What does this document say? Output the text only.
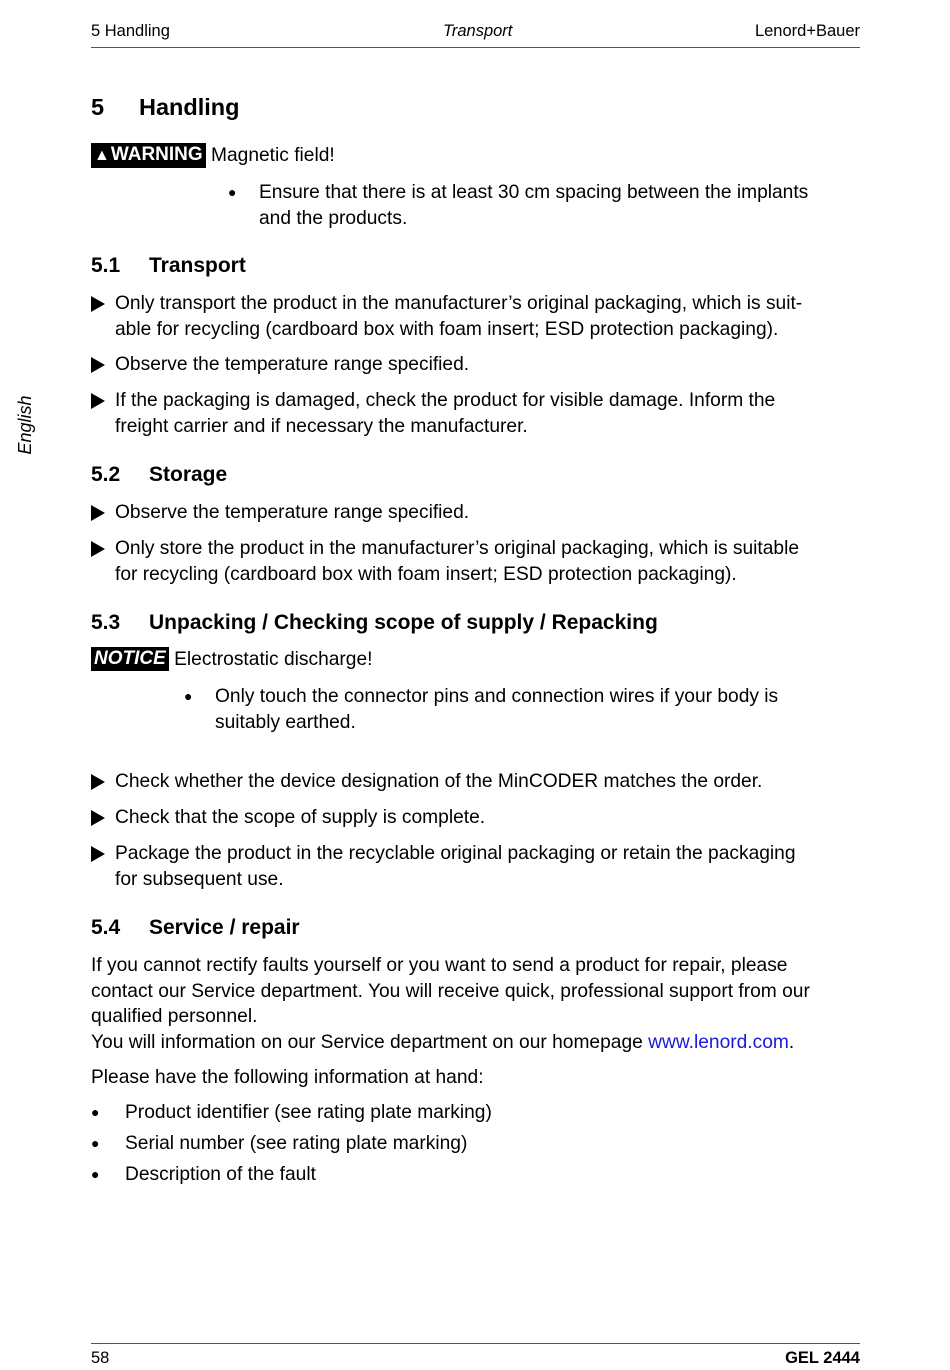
5 Handling	Transport	Lenord+Bauer
English
5 Handling
▲WARNING Magnetic field!
● Ensure that there is at least 30 cm spacing between the implants
and the products.
5.1 Transport
Only transport the product in the manufacturer’s original packaging, which is suit-
able for recycling (cardboard box with foam insert; ESD protection packaging).
Observe the temperature range specified.
If the packaging is damaged, check the product for visible damage. Inform the
freight carrier and if necessary the manufacturer.
5.2 Storage
Observe the temperature range specified.
Only store the product in the manufacturer’s original packaging, which is suitable
for recycling (cardboard box with foam insert; ESD protection packaging).
5.3 Unpacking / Checking scope of supply / Repacking
NOTICE Electrostatic discharge!
● Only touch the connector pins and connection wires if your body is
suitably earthed.
Check whether the device designation of the MinCODER matches the order.
Check that the scope of supply is complete.
Package the product in the recyclable original packaging or retain the packaging
for subsequent use.
5.4 Service / repair
If you cannot rectify faults yourself or you want to send a product for repair, please
contact our Service department. You will receive quick, professional support from our
qualified personnel.
You will information on our Service department on our homepage www.lenord.com.
Please have the following information at hand:
● Product identifier (see rating plate marking)
● Serial number (see rating plate marking)
● Description of the fault
58	GEL 2444
